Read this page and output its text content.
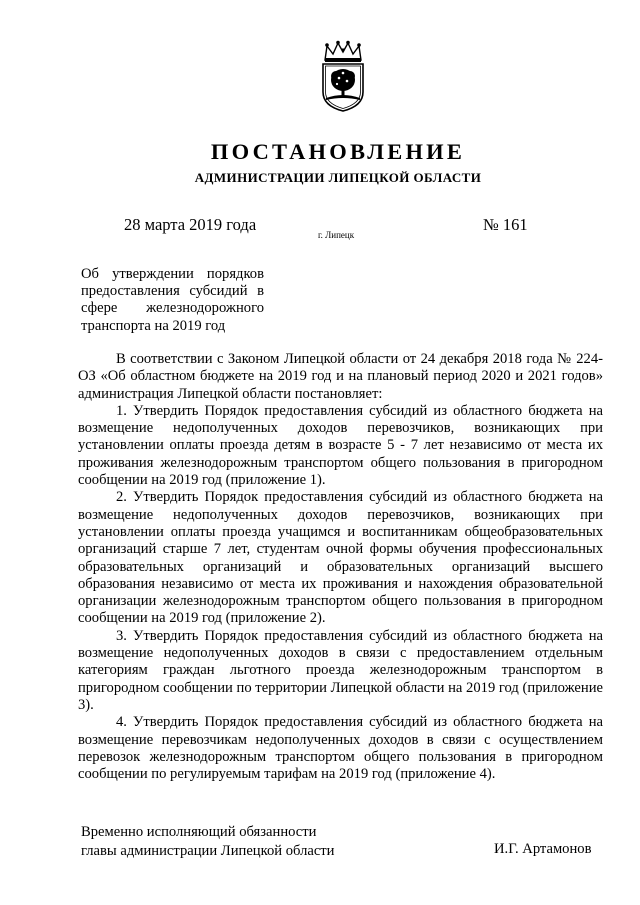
ПОСТАНОВЛЕНИЕ
АДМИНИСТРАЦИИ ЛИПЕЦКОЙ ОБЛАСТИ
28 марта 2019 года
г. Липецк
№ 161
Об утверждении порядков предоставления субсидий в сфере железнодорожного транспорта на 2019 год

В соответствии с Законом Липецкой области от 24 декабря 2018 года № 224-ОЗ «Об областном бюджете на 2019 год и на плановый период 2020 и 2021 годов» администрация Липецкой области постановляет:

1. Утвердить Порядок предоставления субсидий из областного бюджета на возмещение недополученных доходов перевозчиков, возникающих при установлении оплаты проезда детям в возрасте 5 - 7 лет независимо от места их проживания железнодорожным транспортом общего пользования в пригородном сообщении на 2019 год (приложение 1).

2. Утвердить Порядок предоставления субсидий из областного бюджета на возмещение недополученных доходов перевозчиков, возникающих при установлении оплаты проезда учащимся и воспитанникам общеобразовательных организаций старше 7 лет, студентам очной формы обучения профессиональных образовательных организаций и образовательных организаций высшего образования независимо от места их проживания и нахождения образовательной организации железнодорожным транспортом общего пользования в пригородном сообщении на 2019 год (приложение 2).

3. Утвердить Порядок предоставления субсидий из областного бюджета на возмещение недополученных доходов в связи с предоставлением отдельным категориям граждан льготного проезда железнодорожным транспортом в пригородном сообщении по территории Липецкой области на 2019 год (приложение 3).

4. Утвердить Порядок предоставления субсидий из областного бюджета на возмещение перевозчикам недополученных доходов в связи с осуществлением перевозок железнодорожным транспортом общего пользования в пригородном сообщении по регулируемым тарифам на 2019 год (приложение 4).

Временно исполняющий обязанности
главы администрации Липецкой области	И.Г. Артамонов
